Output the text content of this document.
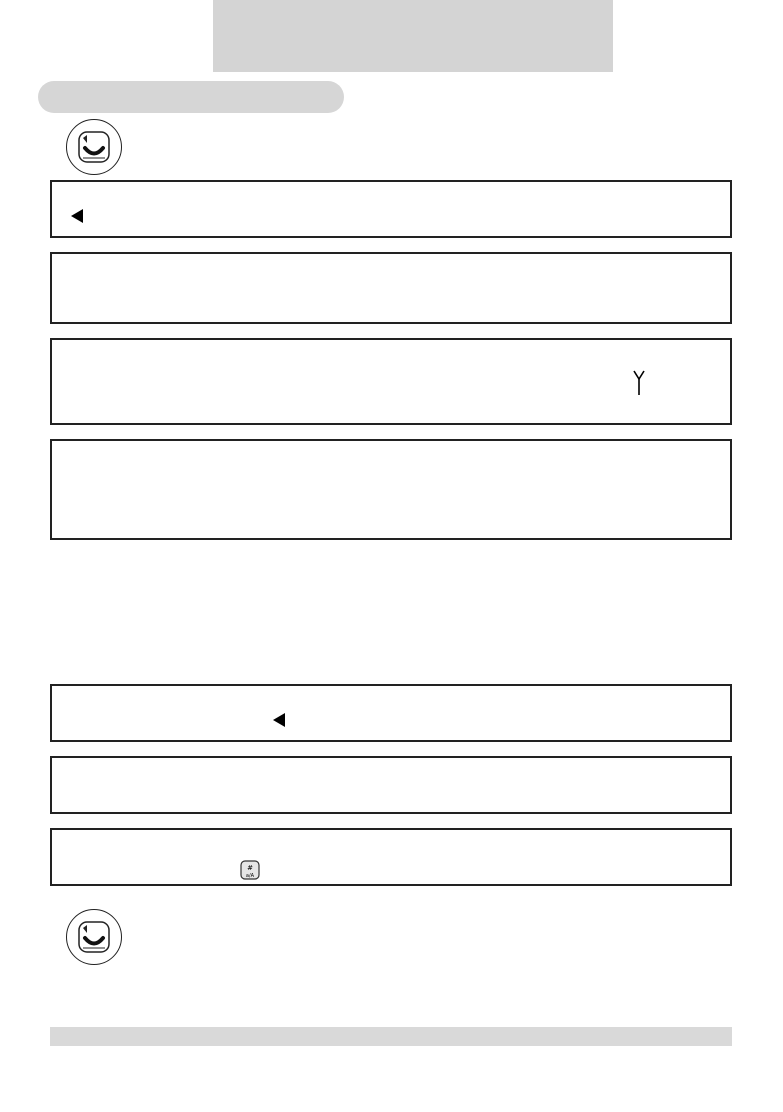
#
a/A
